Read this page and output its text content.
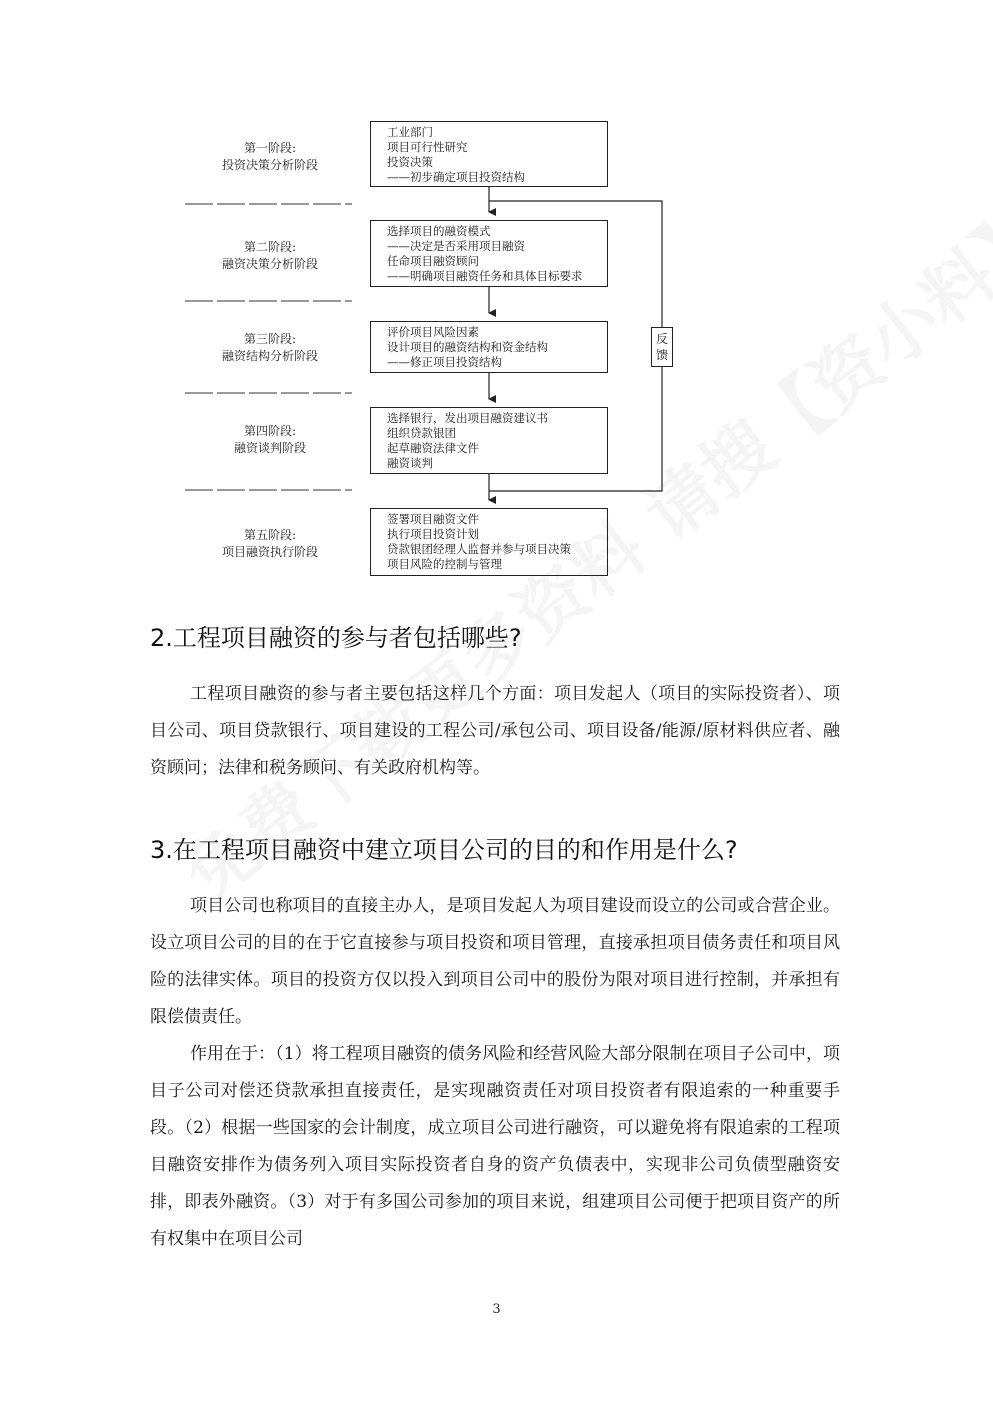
第一阶段:
投资决策分析阶段
工业部门
项目可行性研究
投资决策
——初步确定项目投资结构
第二阶段:
融资决策分析阶段
选择项目的融资模式
——决定是否采用项目融资
任命项目融资顾问
——明确项目融资任务和具体目标要求
第三阶段:
融资结构分析阶段
评价项目风险因素
设计项目的融资结构和资金结构
——修正项目投资结构
第四阶段:
融资谈判阶段
选择银行，发出项目融资建议书
组织贷款银团
起草融资法律文件
融资谈判
第五阶段:
项目融资执行阶段
签署项目融资文件
执行项目投资计划
贷款银团经理人监督并参与项目决策
项目风险的控制与管理
反
馈
2.工程项目融资的参与者包括哪些?

工程项目融资的参与者主要包括这样几个方面：项目发起人（项目的实际投资者）、项目公司、项目贷款银行、项目建设的工程公司/承包公司、项目设备/能源/原材料供应者、融资顾问；法律和税务顾问、有关政府机构等。

3.在工程项目融资中建立项目公司的目的和作用是什么?

项目公司也称项目的直接主办人，是项目发起人为项目建设而设立的公司或合营企业。设立项目公司的目的在于它直接参与项目投资和项目管理，直接承担项目债务责任和项目风险的法律实体。项目的投资方仅以投入到项目公司中的股份为限对项目进行控制，并承担有限偿债责任。

作用在于：（1）将工程项目融资的债务风险和经营风险大部分限制在项目子公司中，项目子公司对偿还贷款承担直接责任，是实现融资责任对项目投资者有限追索的一种重要手段。（2）根据一些国家的会计制度，成立项目公司进行融资，可以避免将有限追索的工程项目融资安排作为债务列入项目实际投资者自身的资产负债表中，实现非公司负债型融资安排，即表外融资。（3）对于有多国公司参加的项目来说，组建项目公司便于把项目资产的所有权集中在项目公司

3
